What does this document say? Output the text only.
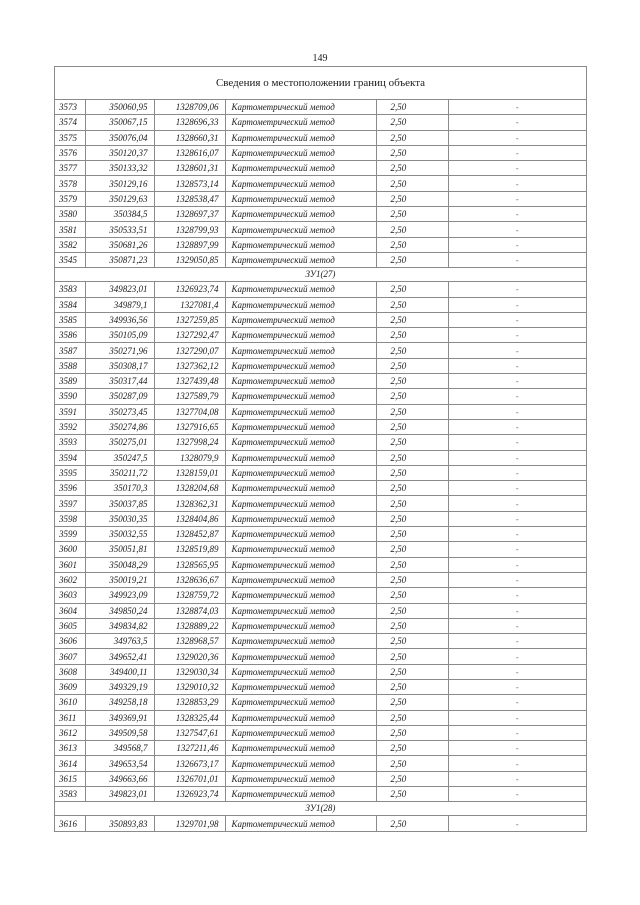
149
Сведения о местоположении границ объекта
3573	350060,95	1328709,06	Картометрический метод	2,50	-
3574	350067,15	1328696,33	Картометрический метод	2,50	-
3575	350076,04	1328660,31	Картометрический метод	2,50	-
3576	350120,37	1328616,07	Картометрический метод	2,50	-
3577	350133,32	1328601,31	Картометрический метод	2,50	-
3578	350129,16	1328573,14	Картометрический метод	2,50	-
3579	350129,63	1328538,47	Картометрический метод	2,50	-
3580	350384,5	1328697,37	Картометрический метод	2,50	-
3581	350533,51	1328799,93	Картометрический метод	2,50	-
3582	350681,26	1328897,99	Картометрический метод	2,50	-
3545	350871,23	1329050,85	Картометрический метод	2,50	-
ЗУ1(27)					
3583	349823,01	1326923,74	Картометрический метод	2,50	-
3584	349879,1	1327081,4	Картометрический метод	2,50	-
3585	349936,56	1327259,85	Картометрический метод	2,50	-
3586	350105,09	1327292,47	Картометрический метод	2,50	-
3587	350271,96	1327290,07	Картометрический метод	2,50	-
3588	350308,17	1327362,12	Картометрический метод	2,50	-
3589	350317,44	1327439,48	Картометрический метод	2,50	-
3590	350287,09	1327589,79	Картометрический метод	2,50	-
3591	350273,45	1327704,08	Картометрический метод	2,50	-
3592	350274,86	1327916,65	Картометрический метод	2,50	-
3593	350275,01	1327998,24	Картометрический метод	2,50	-
3594	350247,5	1328079,9	Картометрический метод	2,50	-
3595	350211,72	1328159,01	Картометрический метод	2,50	-
3596	350170,3	1328204,68	Картометрический метод	2,50	-
3597	350037,85	1328362,31	Картометрический метод	2,50	-
3598	350030,35	1328404,86	Картометрический метод	2,50	-
3599	350032,55	1328452,87	Картометрический метод	2,50	-
3600	350051,81	1328519,89	Картометрический метод	2,50	-
3601	350048,29	1328565,95	Картометрический метод	2,50	-
3602	350019,21	1328636,67	Картометрический метод	2,50	-
3603	349923,09	1328759,72	Картометрический метод	2,50	-
3604	349850,24	1328874,03	Картометрический метод	2,50	-
3605	349834,82	1328889,22	Картометрический метод	2,50	-
3606	349763,5	1328968,57	Картометрический метод	2,50	-
3607	349652,41	1329020,36	Картометрический метод	2,50	-
3608	349400,11	1329030,34	Картометрический метод	2,50	-
3609	349329,19	1329010,32	Картометрический метод	2,50	-
3610	349258,18	1328853,29	Картометрический метод	2,50	-
3611	349369,91	1328325,44	Картометрический метод	2,50	-
3612	349509,58	1327547,61	Картометрический метод	2,50	-
3613	349568,7	1327211,46	Картометрический метод	2,50	-
3614	349653,54	1326673,17	Картометрический метод	2,50	-
3615	349663,66	1326701,01	Картометрический метод	2,50	-
3583	349823,01	1326923,74	Картометрический метод	2,50	-
ЗУ1(28)					
3616	350893,83	1329701,98	Картометрический метод	2,50	-
